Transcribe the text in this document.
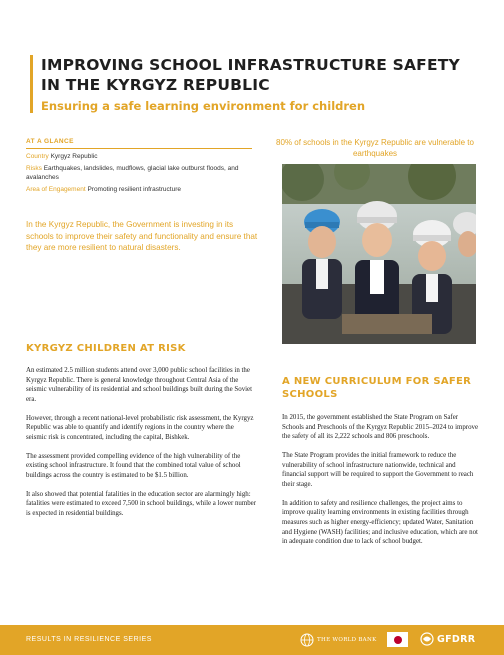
IMPROVING SCHOOL INFRASTRUCTURE SAFETY IN THE KYRGYZ REPUBLIC
Ensuring a safe learning environment for children
AT A GLANCE
Country Kyrgyz Republic
Risks Earthquakes, landslides, mudflows, glacial lake outburst floods, and avalanches
Area of Engagement Promoting resilient infrastructure

In the Kyrgyz Republic, the Government is investing in its schools to improve their safety and functionality and ensure that they are more resilient to natural disasters.

80% of schools in the Kyrgyz Republic are vulnerable to earthquakes

KYRGYZ CHILDREN AT RISK

An estimated 2.5 million students attend over 3,000 public school facilities in the Kyrgyz Republic. There is general knowledge throughout Central Asia of the seismic vulnerability of its residential and school buildings built during the Soviet era.

However, through a recent national-level probabilistic risk assessment, the Kyrgyz Republic was able to quantify and identify regions in the country where the seismic risk is concentrated, including the capital, Bishkek.

The assessment provided compelling evidence of the high vulnerability of the existing school infrastructure. It found that the combined total value of school buildings across the country is estimated to be $1.5 billion.

It also showed that potential fatalities in the education sector are alarmingly high: fatalities were estimated to exceed 7,500 in school buildings, while a lower number is expected in residential buildings.

A NEW CURRICULUM FOR SAFER SCHOOLS

In 2015, the government established the State Program on Safer Schools and Preschools of the Kyrgyz Republic 2015–2024 to improve the safety of all its 2,222 schools and 806 preschools.

The State Program provides the initial framework to reduce the vulnerability of school infrastructure nationwide, technical and financial support will be required to support the Government to reach their stage.

In addition to safety and resilience challenges, the project aims to improve quality learning environments in existing facilities through measures such as higher energy-efficiency; updated Water, Sanitation and Hygiene (WASH) facilities; and inclusive education, which are not in adequate condition due to lack of school budget.

RESULTS IN RESILIENCE SERIES	THE WORLD BANK	GFDRR
